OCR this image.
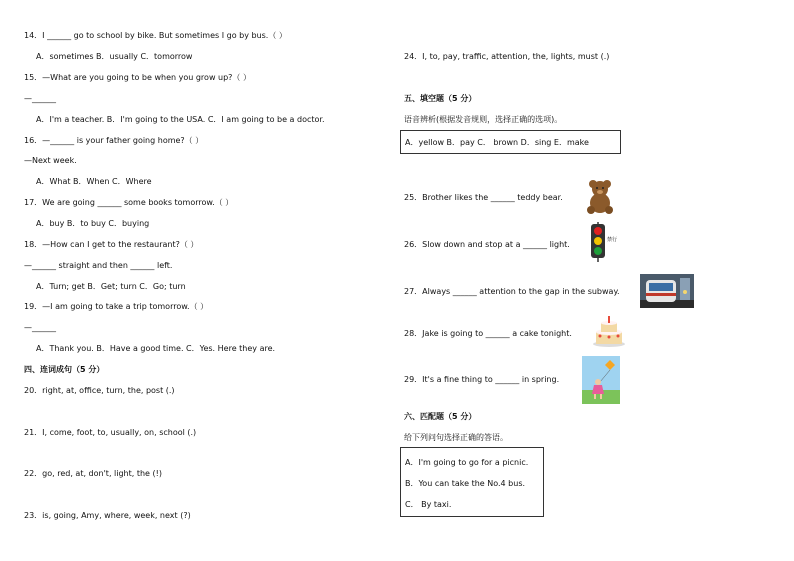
14．I ______ go to school by bike. But sometimes I go by bus.（ ）
A．sometimes B．usually C．tomorrow
15．—What are you going to be when you grow up?（ ）
—______
A．I'm a teacher. B．I'm going to the USA. C．I am going to be a doctor.
16．—______ is your father going home?（ ）
—Next week.
A．What B．When C．Where
17．We are going ______ some books tomorrow.（ ）
A．buy B．to buy C．buying
18．—How can I get to the restaurant?（ ）
—______ straight and then ______ left.
A．Turn; get B．Get; turn C．Go; turn
19．—I am going to take a trip tomorrow.（ ）
—______
A．Thank you. B．Have a good time. C．Yes. Here they are.
四、连词成句（5 分）
20．right, at, office, turn, the, post (.)
21．I, come, foot, to, usually, on, school (.)
22．go, red, at, don't, light, the (!)
23．is, going, Amy, where, week, next (?)
24．I, to, pay, traffic, attention, the, lights, must (.)
五、填空题（5 分）
语音辨析(根据发音规则，选择正确的选项)。
A．yellow B．pay C． brown D．sing E．make
25．Brother likes the ______ teddy bear.
26．Slow down and stop at a ______ light.	禁行
27．Always ______ attention to the gap in the subway.
28．Jake is going to ______ a cake tonight.
29．It's a fine thing to ______ in spring.
六、匹配题（5 分）
给下列问句选择正确的答语。
A．I'm going to go for a picnic.
B．You can take the No.4 bus.
C． By taxi.
